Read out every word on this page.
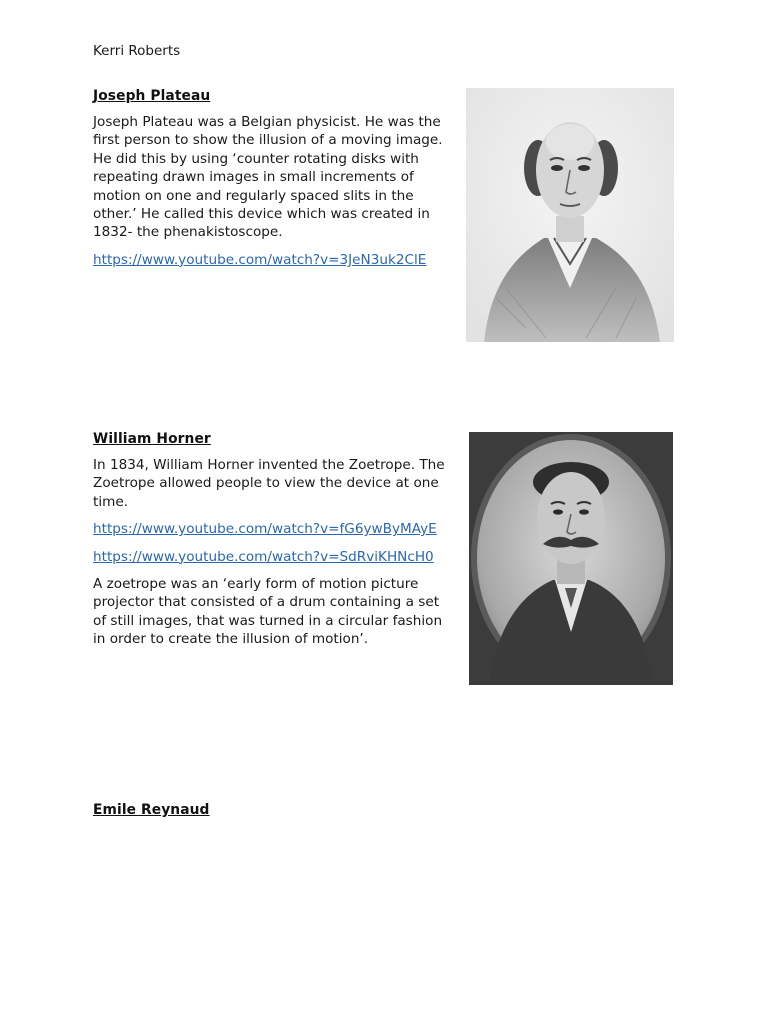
Kerri Roberts
Joseph Plateau

Joseph Plateau was a Belgian physicist. He was the first person to show the illusion of a moving image. He did this by using ‘counter rotating disks with repeating drawn images in small increments of motion on one and regularly spaced slits in the other.’ He called this device which was created in 1832- the phenakistoscope.

https://www.youtube.com/watch?v=3JeN3uk2ClE
William Horner

In 1834, William Horner invented the Zoetrope. The Zoetrope allowed people to view the device at one time.

https://www.youtube.com/watch?v=fG6ywByMAyE
https://www.youtube.com/watch?v=SdRviKHNcH0

A zoetrope was an ‘early form of motion picture projector that consisted of a drum containing a set of still images, that was turned in a circular fashion in order to create the illusion of motion’.

Emile Reynaud
